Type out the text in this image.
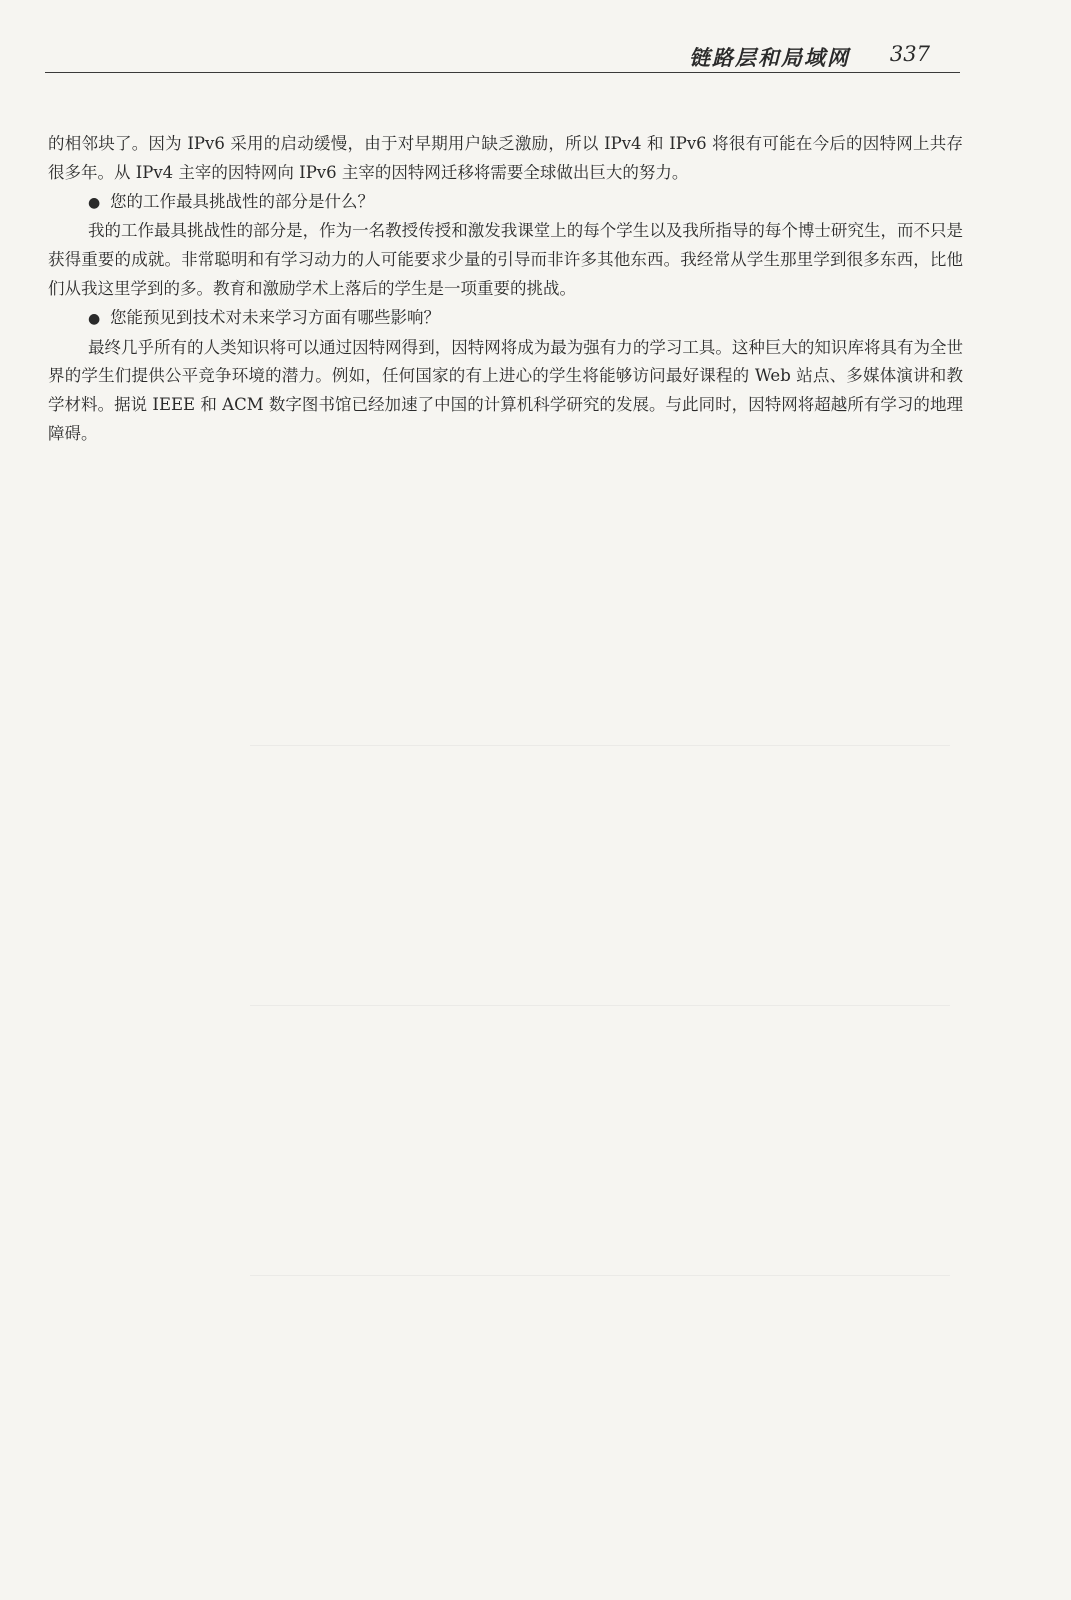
链路层和局域网 337

的相邻块了。因为 IPv6 采用的启动缓慢，由于对早期用户缺乏激励，所以 IPv4 和 IPv6 将很有可能在今后的因特网上共存很多年。从 IPv4 主宰的因特网向 IPv6 主宰的因特网迁移将需要全球做出巨大的努力。

● 您的工作最具挑战性的部分是什么？

我的工作最具挑战性的部分是，作为一名教授传授和激发我课堂上的每个学生以及我所指导的每个博士研究生，而不只是获得重要的成就。非常聪明和有学习动力的人可能要求少量的引导而非许多其他东西。我经常从学生那里学到很多东西，比他们从我这里学到的多。教育和激励学术上落后的学生是一项重要的挑战。

● 您能预见到技术对未来学习方面有哪些影响？

最终几乎所有的人类知识将可以通过因特网得到，因特网将成为最为强有力的学习工具。这种巨大的知识库将具有为全世界的学生们提供公平竞争环境的潜力。例如，任何国家的有上进心的学生将能够访问最好课程的 Web 站点、多媒体演讲和教学材料。据说 IEEE 和 ACM 数字图书馆已经加速了中国的计算机科学研究的发展。与此同时，因特网将超越所有学习的地理障碍。
